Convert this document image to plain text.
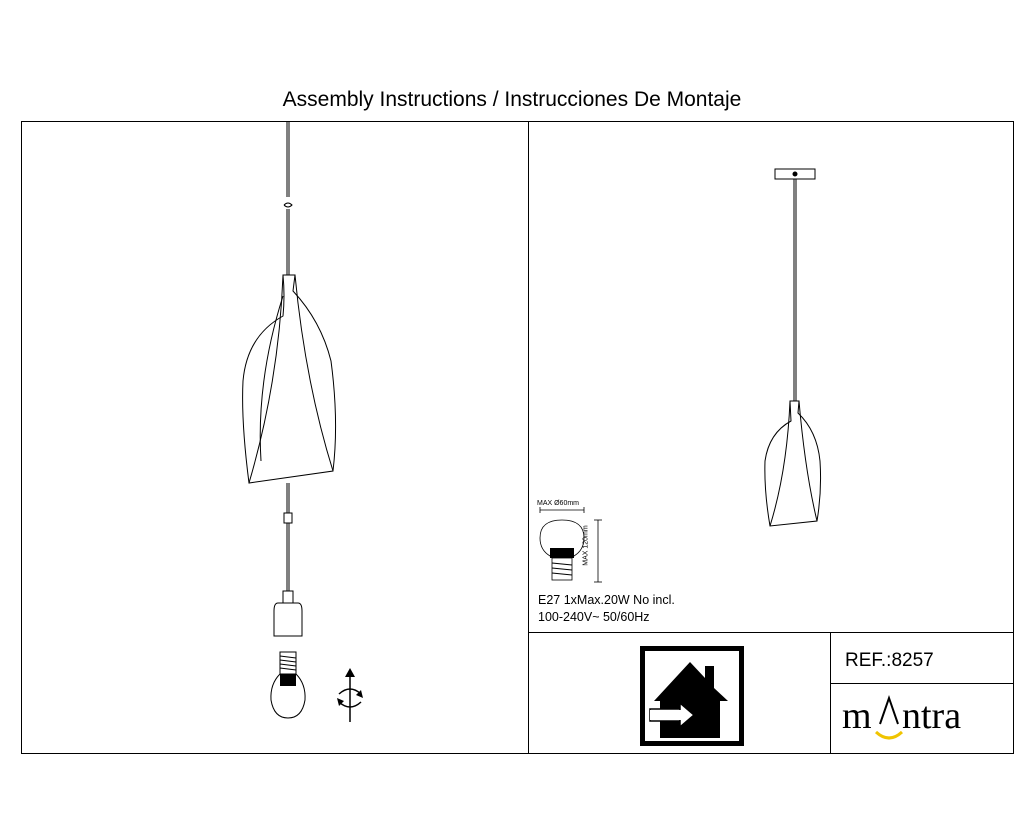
Assembly Instructions / Instrucciones De Montaje
MAX Ø60mm
MAX 120mm
E27 1xMax.20W No incl.
100-240V~ 50/60Hz
REF.:8257
m ntra
